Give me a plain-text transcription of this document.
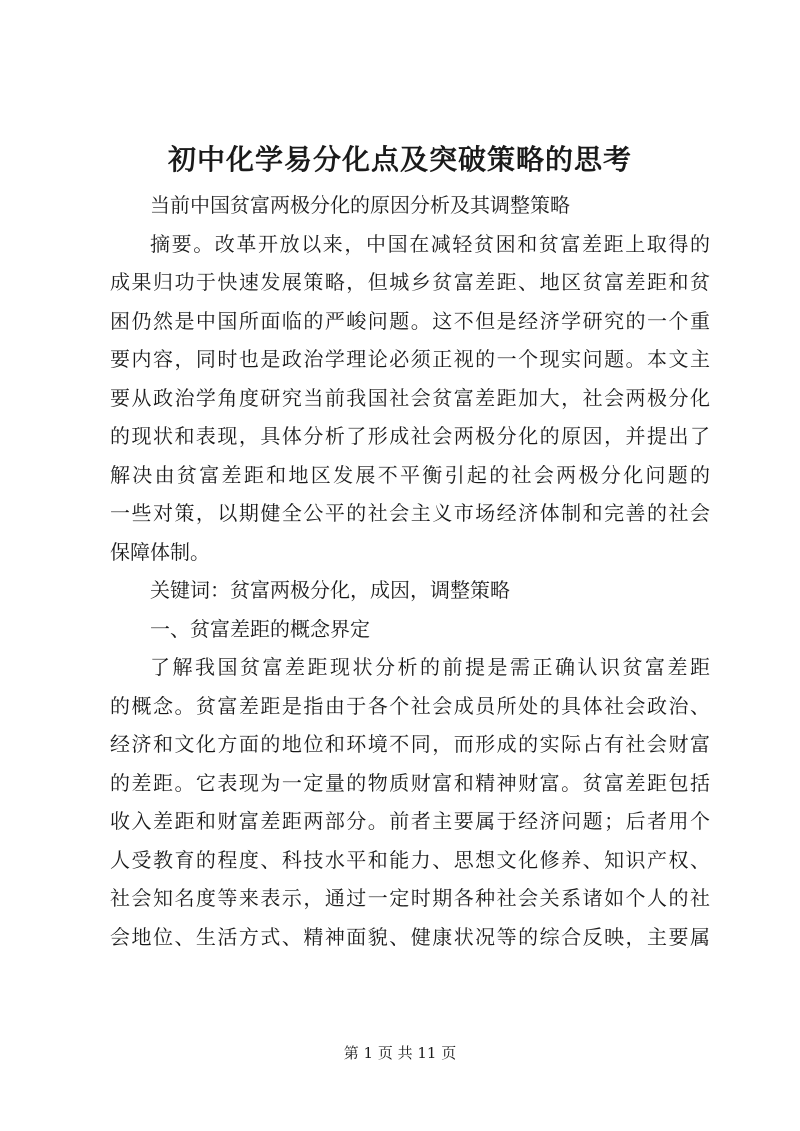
初中化学易分化点及突破策略的思考
当前中国贫富两极分化的原因分析及其调整策略
摘要。改革开放以来，中国在减轻贫困和贫富差距上取得的
成果归功于快速发展策略，但城乡贫富差距、地区贫富差距和贫
困仍然是中国所面临的严峻问题。这不但是经济学研究的一个重
要内容，同时也是政治学理论必须正视的一个现实问题。本文主
要从政治学角度研究当前我国社会贫富差距加大，社会两极分化
的现状和表现，具体分析了形成社会两极分化的原因，并提出了
解决由贫富差距和地区发展不平衡引起的社会两极分化问题的
一些对策，以期健全公平的社会主义市场经济体制和完善的社会
保障体制。
关键词：贫富两极分化，成因，调整策略
一、贫富差距的概念界定
了解我国贫富差距现状分析的前提是需正确认识贫富差距
的概念。贫富差距是指由于各个社会成员所处的具体社会政治、
经济和文化方面的地位和环境不同，而形成的实际占有社会财富
的差距。它表现为一定量的物质财富和精神财富。贫富差距包括
收入差距和财富差距两部分。前者主要属于经济问题；后者用个
人受教育的程度、科技水平和能力、思想文化修养、知识产权、
社会知名度等来表示，通过一定时期各种社会关系诸如个人的社
会地位、生活方式、精神面貌、健康状况等的综合反映，主要属
第 1 页 共 11 页
